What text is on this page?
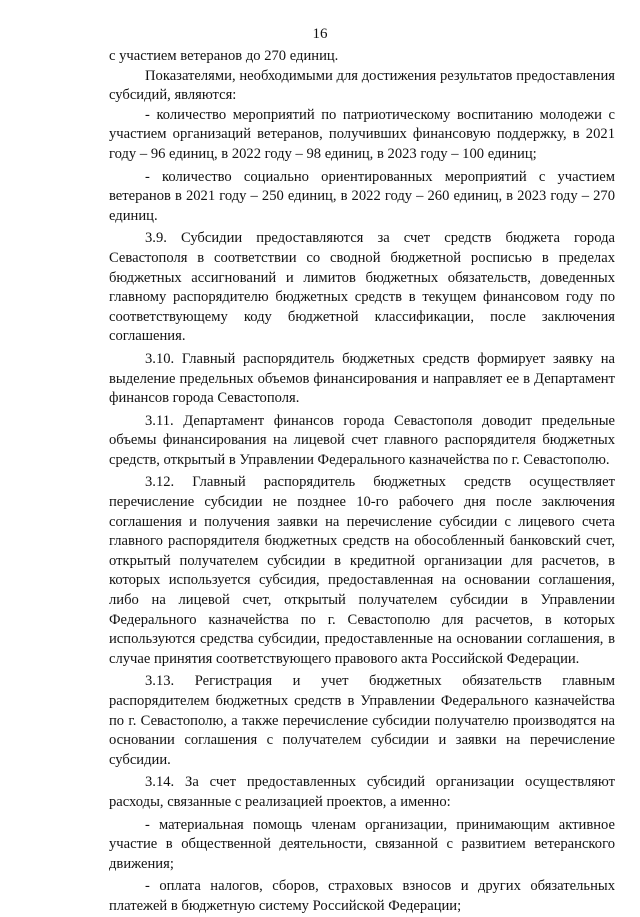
16

с участием ветеранов до 270 единиц.

Показателями, необходимыми для достижения результатов предоставления субсидий, являются:

- количество мероприятий по патриотическому воспитанию молодежи с участием организаций ветеранов, получивших финансовую поддержку, в 2021 году – 96 единиц, в 2022 году – 98 единиц, в 2023 году – 100 единиц;

- количество социально ориентированных мероприятий с участием ветеранов в 2021 году – 250 единиц, в 2022 году – 260 единиц, в 2023 году – 270 единиц.

3.9. Субсидии предоставляются за счет средств бюджета города Севастополя в соответствии со сводной бюджетной росписью в пределах бюджетных ассигнований и лимитов бюджетных обязательств, доведенных главному распорядителю бюджетных средств в текущем финансовом году по соответствующему коду бюджетной классификации, после заключения соглашения.

3.10. Главный распорядитель бюджетных средств формирует заявку на выделение предельных объемов финансирования и направляет ее в Департамент финансов города Севастополя.

3.11. Департамент финансов города Севастополя доводит предельные объемы финансирования на лицевой счет главного распорядителя бюджетных средств, открытый в Управлении Федерального казначейства по г. Севастополю.

3.12. Главный распорядитель бюджетных средств осуществляет перечисление субсидии не позднее 10-го рабочего дня после заключения соглашения и получения заявки на перечисление субсидии с лицевого счета главного распорядителя бюджетных средств на обособленный банковский счет, открытый получателем субсидии в кредитной организации для расчетов, в которых используется субсидия, предоставленная на основании соглашения, либо на лицевой счет, открытый получателем субсидии в Управлении Федерального казначейства по г. Севастополю для расчетов, в которых используются средства субсидии, предоставленные на основании соглашения, в случае принятия соответствующего правового акта Российской Федерации.

3.13. Регистрация и учет бюджетных обязательств главным распорядителем бюджетных средств в Управлении Федерального казначейства по г. Севастополю, а также перечисление субсидии получателю производятся на основании соглашения с получателем субсидии и заявки на перечисление субсидии.

3.14. За счет предоставленных субсидий организации осуществляют расходы, связанные с реализацией проектов, а именно:

- материальная помощь членам организации, принимающим активное участие в общественной деятельности, связанной с развитием ветеранского движения;

- оплата налогов, сборов, страховых взносов и других обязательных платежей в бюджетную систему Российской Федерации;
